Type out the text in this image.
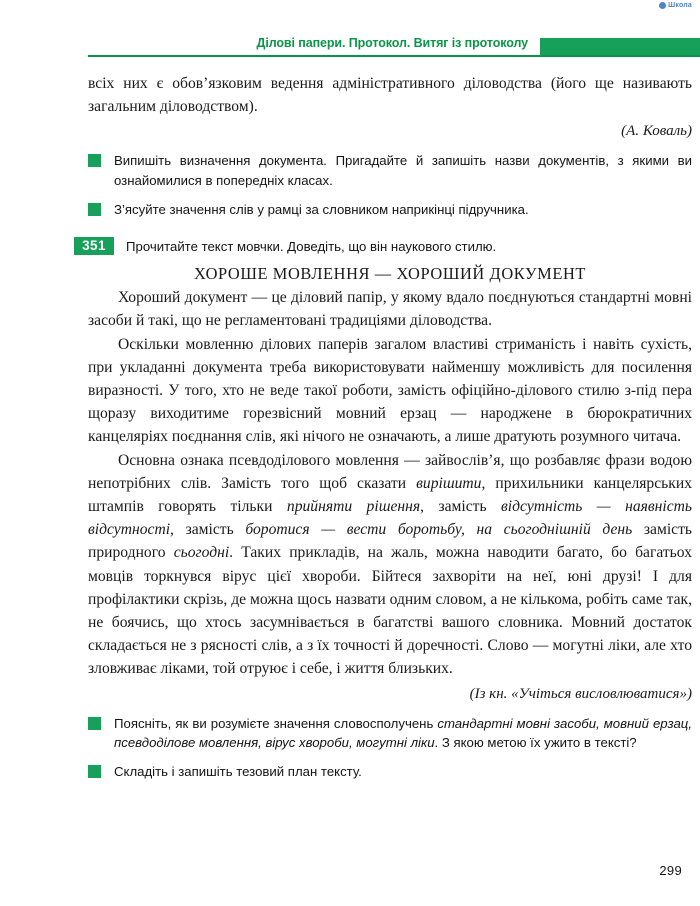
Школа
Ділові папери. Протокол. Витяг із протоколу

всіх них є обов’язковим ведення адміністративного діловодства (його ще називають загальним діловодством).

(А. Коваль)

Випишіть визначення документа. Пригадайте й запишіть назви документів, з якими ви ознайомилися в попередніх класах.
З’ясуйте значення слів у рамці за словником наприкінці підручника.
351	Прочитайте текст мовчки. Доведіть, що він наукового стилю.
ХОРОШЕ МОВЛЕННЯ — ХОРОШИЙ ДОКУМЕНТ

Хороший документ — це діловий папір, у якому вдало поєднуються стандартні мовні засоби й такі, що не регламентовані традиціями діловодства.

Оскільки мовленню ділових паперів загалом властиві стриманість і навіть сухість, при укладанні документа треба використовувати найменшу можливість для посилення виразності. У того, хто не веде такої роботи, замість офіційно-ділового стилю з-під пера щоразу виходитиме горезвісний мовний ерзац — народжене в бюрократичних канцеляріях поєднання слів, які нічого не означають, а лише дратують розумного читача.

Основна ознака псевдоділового мовлення — зайвослів’я, що розбавляє фрази водою непотрібних слів. Замість того щоб сказати вирішити, прихильники канцелярських штампів говорять тільки прийняти рішення, замість відсутність — наявність відсутності, замість боротися — вести боротьбу, на сьогоднішній день замість природного сьогодні. Таких прикладів, на жаль, можна наводити багато, бо багатьох мовців торкнувся вірус цієї хвороби. Бійтеся захворіти на неї, юні друзі! І для профілактики скрізь, де можна щось назвати одним словом, а не кількома, робіть саме так, не боячись, що хтось засумнівається в багатстві вашого словника. Мовний достаток складається не з рясності слів, а з їх точності й доречності. Слово — могутні ліки, але хто зловживає ліками, той отруює і себе, і життя близьких.

(Із кн. «Учіться висловлюватися»)

Поясніть, як ви розумієте значення словосполучень стандартні мовні засоби, мовний ерзац, псевдоділове мовлення, вірус хвороби, могутні ліки. З якою метою їх ужито в тексті?
Складіть і запишіть тезовий план тексту.
299
